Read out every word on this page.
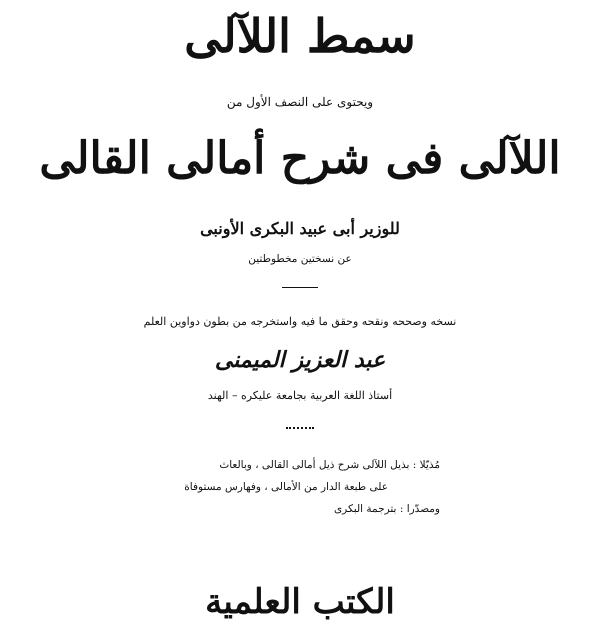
سمط اللآلى
ويحتوى على النصف الأول من
اللآلى فى شرح أمالى القالى
للوزير أبى عبيد البكرى الأونبى
عن نسختين مخطوطتين
نسخه وصححه ونقحه وحقق ما فيه واستخرجه من بطون دواوين العلم
عبد العزيز الميمنى
أستاذ اللغة العربية بجامعة عليكره – الهند
مُذيّلا : بذيل اللآلى شرح ذيل أمالى القالى ، وبالعاث
على طبعة الدار من الأمالى ، وفهارس مستوفاة
ومصدّرا : بترجمة البكرى
الكتب العلمية
